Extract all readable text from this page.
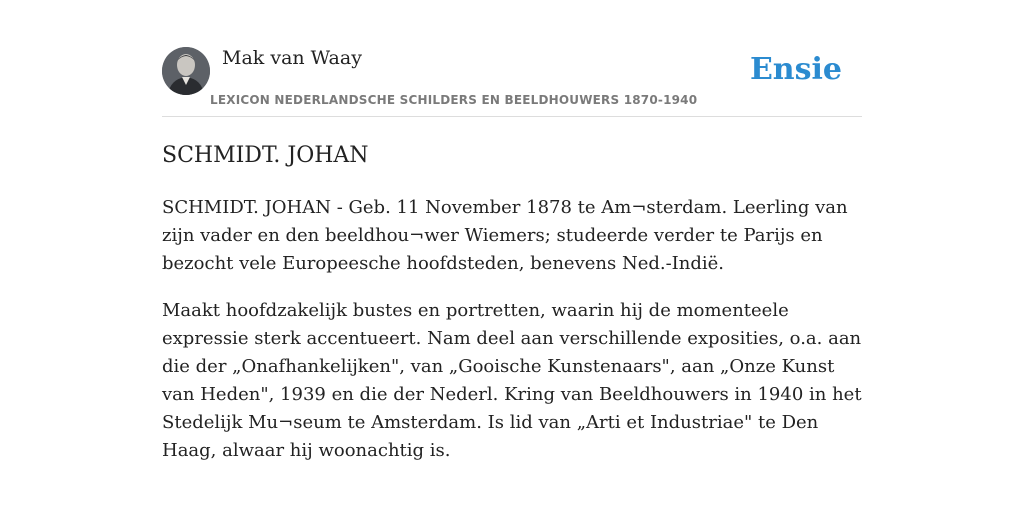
Mak van Waay
LEXICON NEDERLANDSCHE SCHILDERS EN BEELDHOUWERS 1870-1940
Ensie
SCHMIDT. JOHAN

SCHMIDT. JOHAN - Geb. 11 November 1878 te Am¬sterdam. Leerling van zijn vader en den beeldhou¬wer Wiemers; studeerde verder te Parijs en bezocht vele Europeesche hoofdsteden, benevens Ned.-Indië.

Maakt hoofdzakelijk bustes en portretten, waarin hij de momenteele expressie sterk accentueert. Nam deel aan verschillende exposities, o.a. aan die der „Onafhankelijken", van „Gooische Kunstenaars", aan „Onze Kunst van Heden", 1939 en die der Nederl. Kring van Beeldhouwers in 1940 in het Stedelijk Mu¬seum te Amsterdam. Is lid van „Arti et Industriae" te Den Haag, alwaar hij woonachtig is.
